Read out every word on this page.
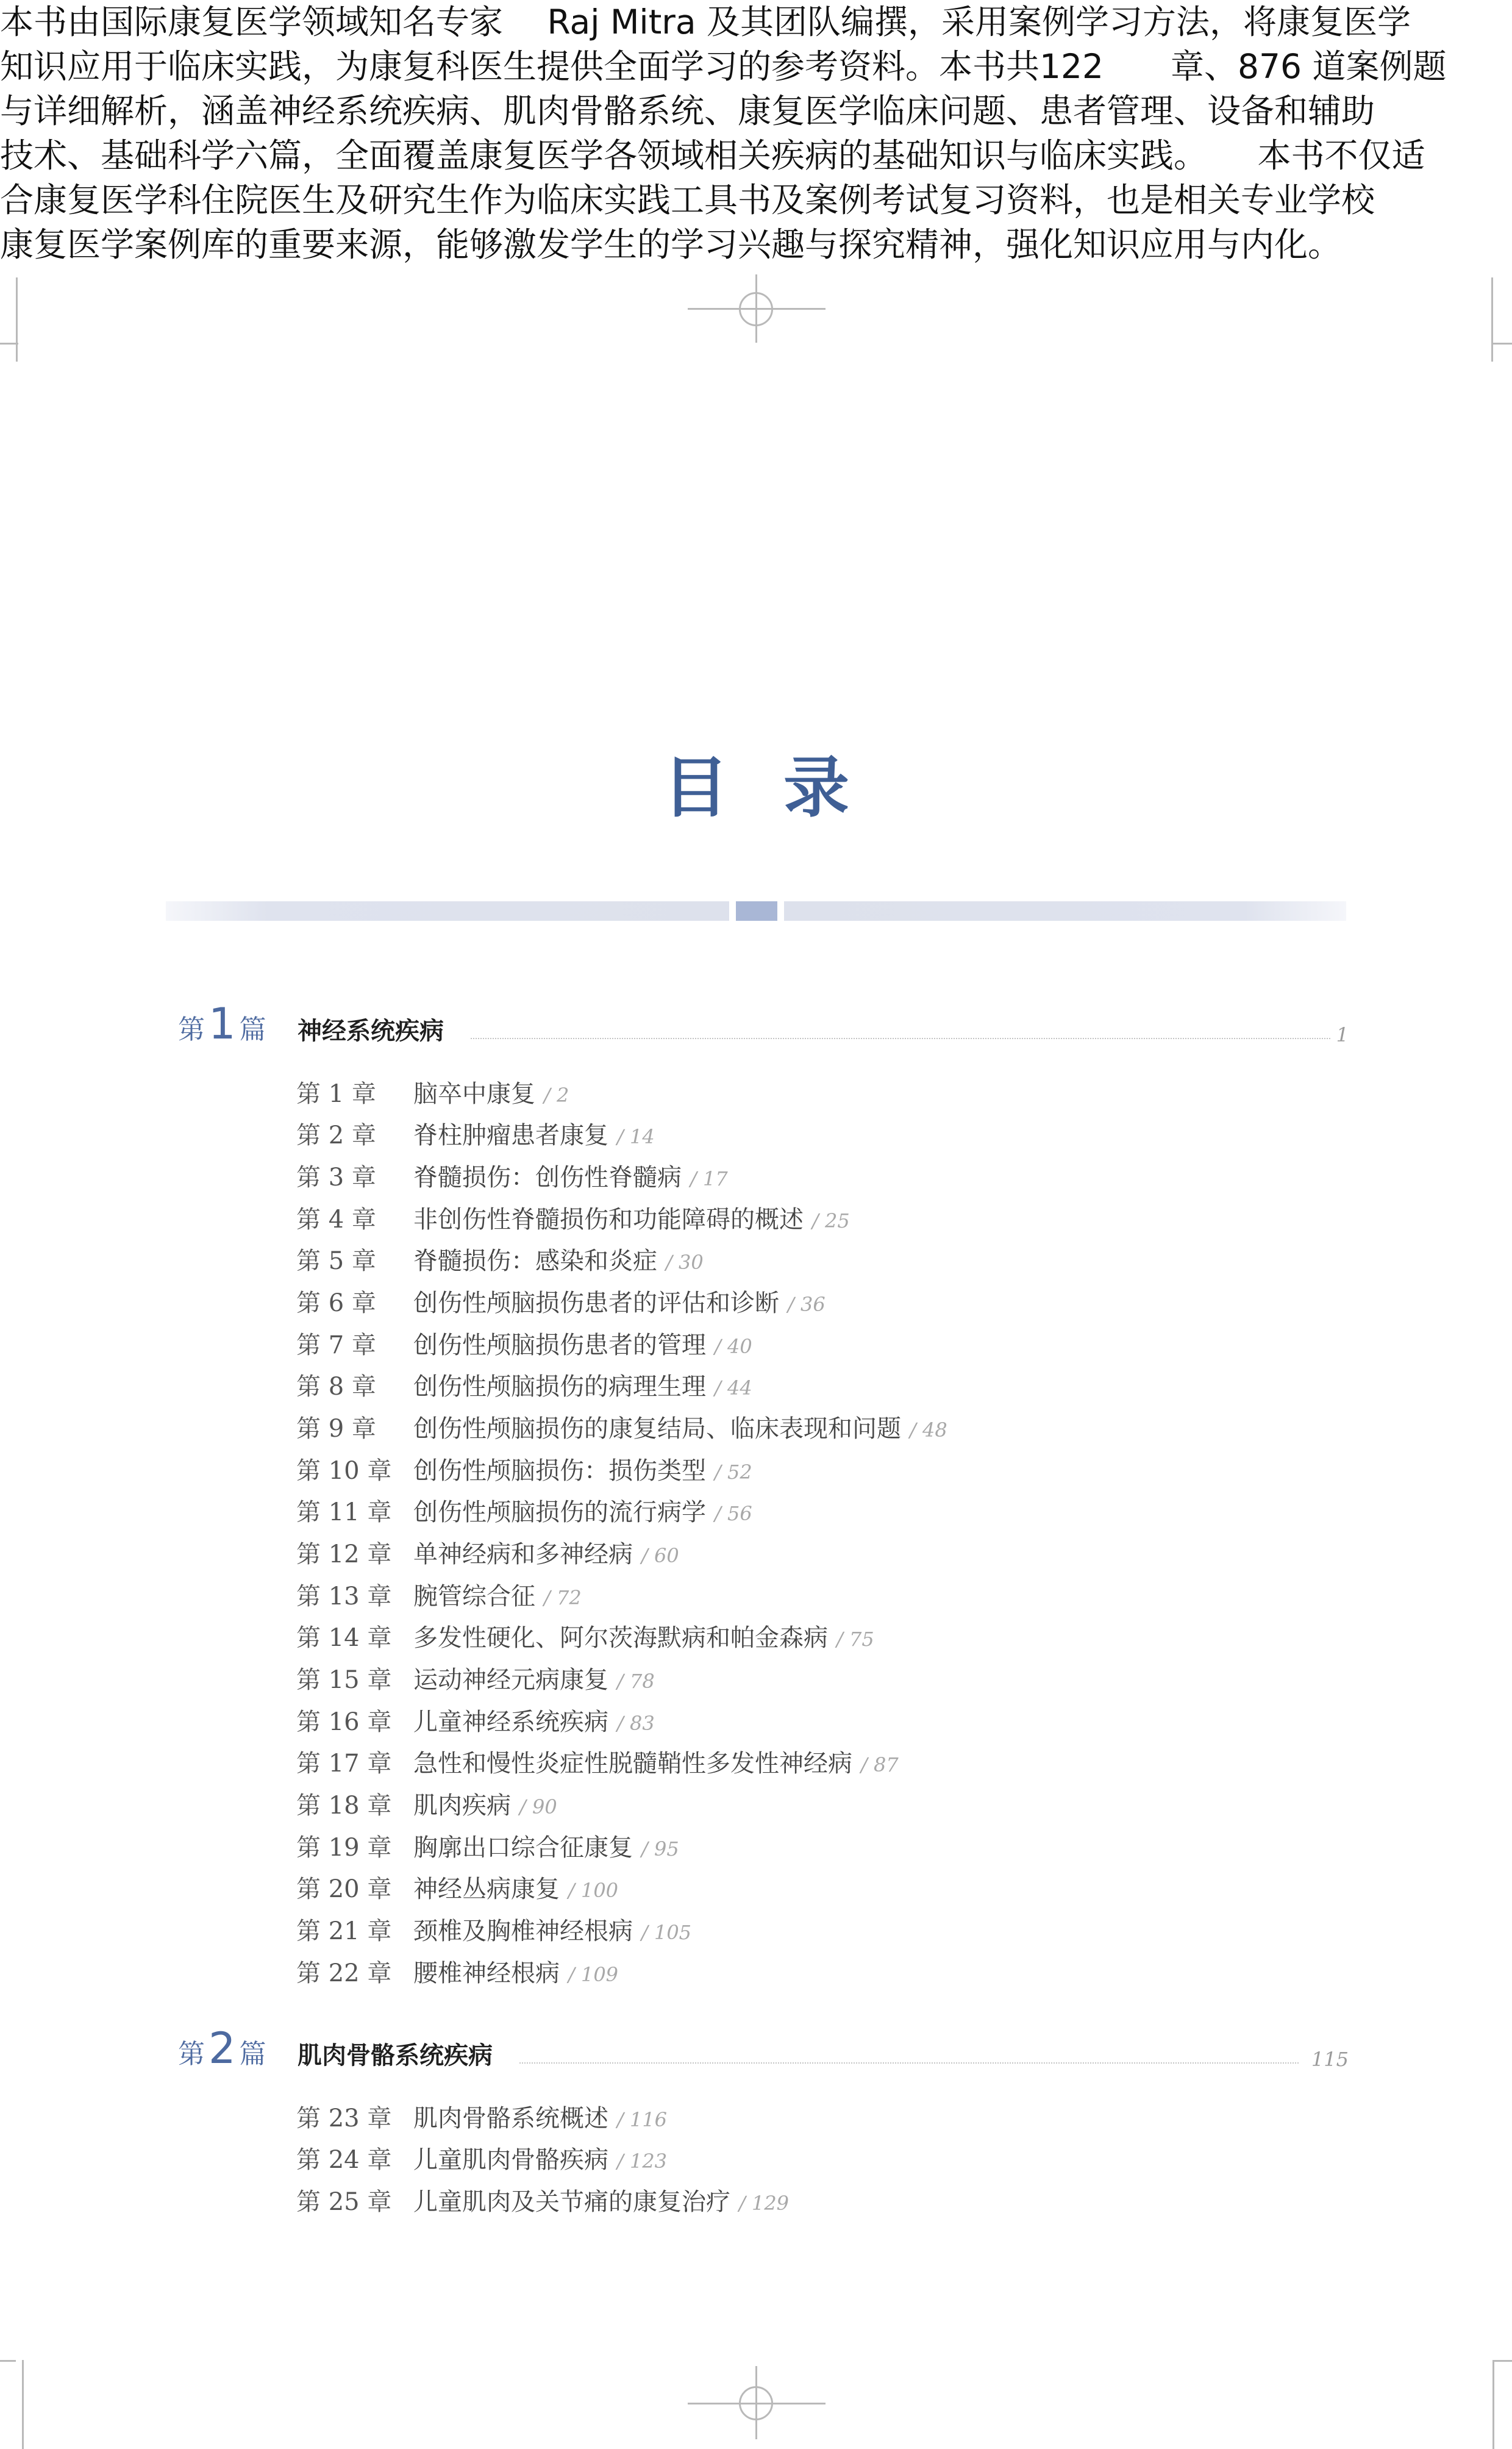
本书由国际康复医学领域知名专家　 Raj Mitra 及其团队编撰，采用案例学习方法，将康复医学
知识应用于临床实践，为康复科医生提供全面学习的参考资料。本书共122　　章、876 道案例题
与详细解析，涵盖神经系统疾病、肌肉骨骼系统、康复医学临床问题、患者管理、设备和辅助
技术、基础科学六篇，全面覆盖康复医学各领域相关疾病的基础知识与临床实践。　　本书不仅适
合康复医学科住院医生及研究生作为临床实践工具书及案例考试复习资料，也是相关专业学校
康复医学案例库的重要来源，能够激发学生的学习兴趣与探究精神，强化知识应用与内化。
目录
第1 篇 神经系统疾病	1
第 1 章 脑卒中康复 / 2
第 2 章 脊柱肿瘤患者康复 / 14
第 3 章 脊髓损伤：创伤性脊髓病 / 17
第 4 章 非创伤性脊髓损伤和功能障碍的概述 / 25
第 5 章 脊髓损伤：感染和炎症 / 30
第 6 章 创伤性颅脑损伤患者的评估和诊断 / 36
第 7 章 创伤性颅脑损伤患者的管理 / 40
第 8 章 创伤性颅脑损伤的病理生理 / 44
第 9 章 创伤性颅脑损伤的康复结局、临床表现和问题 / 48
第 10 章 创伤性颅脑损伤：损伤类型 / 52
第 11 章 创伤性颅脑损伤的流行病学 / 56
第 12 章 单神经病和多神经病 / 60
第 13 章 腕管综合征 / 72
第 14 章 多发性硬化、阿尔茨海默病和帕金森病 / 75
第 15 章 运动神经元病康复 / 78
第 16 章 儿童神经系统疾病 / 83
第 17 章 急性和慢性炎症性脱髓鞘性多发性神经病 / 87
第 18 章 肌肉疾病 / 90
第 19 章 胸廓出口综合征康复 / 95
第 20 章 神经丛病康复 / 100
第 21 章 颈椎及胸椎神经根病 / 105
第 22 章 腰椎神经根病 / 109
第2 篇 肌肉骨骼系统疾病	115
第 23 章 肌肉骨骼系统概述 / 116
第 24 章 儿童肌肉骨骼疾病 / 123
第 25 章 儿童肌肉及关节痛的康复治疗 / 129
